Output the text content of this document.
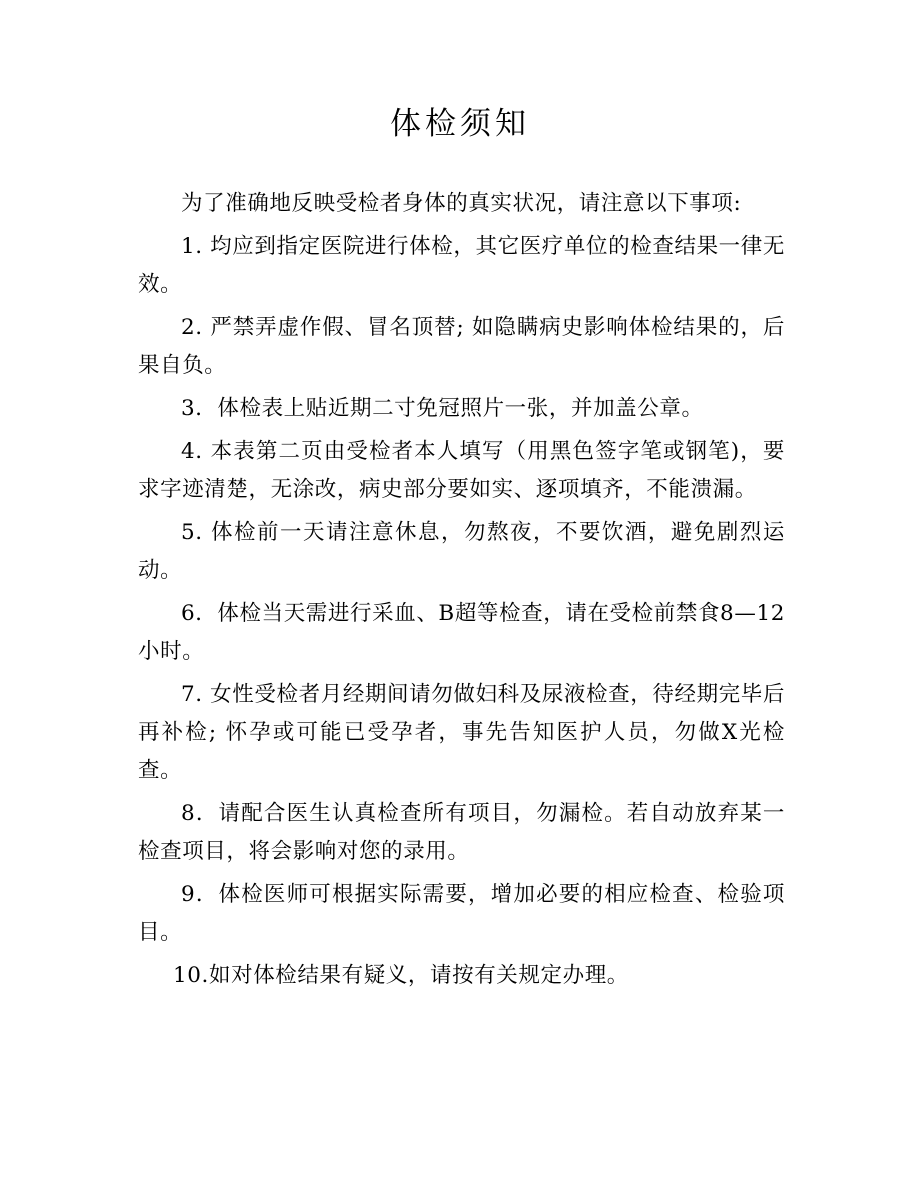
体检须知

为了准确地反映受检者身体的真实状况，请注意以下事项:

1. 均应到指定医院进行体检，其它医疗单位的检查结果一律无效。

2. 严禁弄虚作假、冒名顶替; 如隐瞒病史影响体检结果的，后果自负。

3．体检表上贴近期二寸免冠照片一张，并加盖公章。

4. 本表第二页由受检者本人填写（用黑色签字笔或钢笔)，要求字迹清楚，无涂改，病史部分要如实、逐项填齐，不能溃漏。

5. 体检前一天请注意休息，勿熬夜，不要饮酒，避免剧烈运动。

6．体检当天需进行采血、B超等检查，请在受检前禁食8—12小时。

7. 女性受检者月经期间请勿做妇科及尿液检查，待经期完毕后再补检; 怀孕或可能已受孕者，事先告知医护人员，勿做X光检查。

8．请配合医生认真检查所有项目，勿漏检。若自动放弃某一检查项目，将会影响对您的录用。

9．体检医师可根据实际需要，增加必要的相应检查、检验项目。

10.如对体检结果有疑义，请按有关规定办理。
